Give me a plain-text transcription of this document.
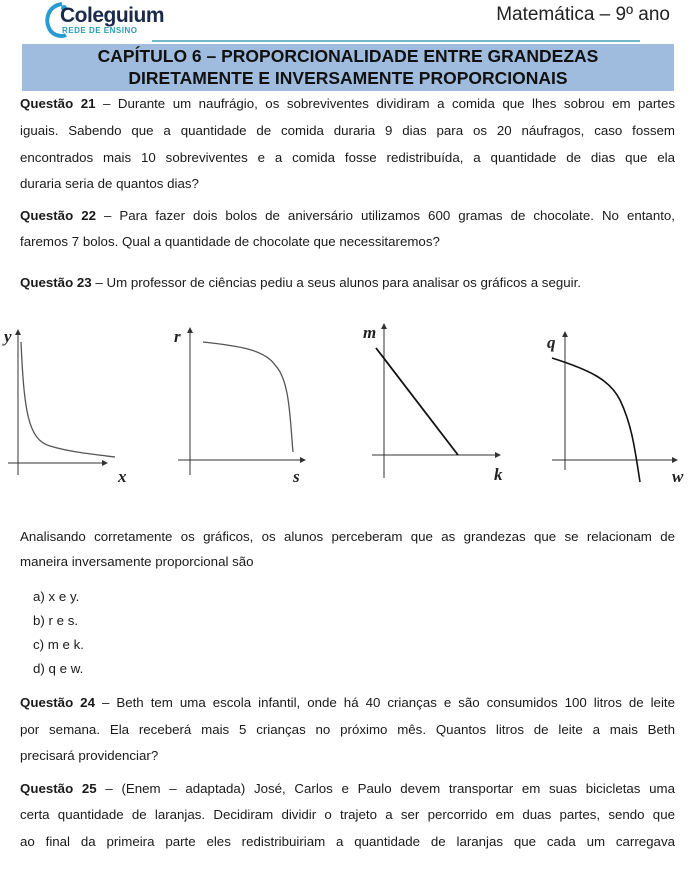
Coleguium
REDE DE ENSINO
Matemática – 9º ano
CAPÍTULO 6 – PROPORCIONALIDADE ENTRE GRANDEZAS
DIRETAMENTE E INVERSAMENTE PROPORCIONAIS
Questão 21 – Durante um naufrágio, os sobreviventes dividiram a comida que lhes sobrou em partes
iguais. Sabendo que a quantidade de comida duraria 9 dias para os 20 náufragos, caso fossem
encontrados mais 10 sobreviventes e a comida fosse redistribuída, a quantidade de dias que ela
duraria seria de quantos dias?
Questão 22 – Para fazer dois bolos de aniversário utilizamos 600 gramas de chocolate. No entanto,
faremos 7 bolos. Qual a quantidade de chocolate que necessitaremos?
Questão 23 – Um professor de ciências pediu a seus alunos para analisar os gráficos a seguir.
y
x
r
s
m
k
q
w
Analisando corretamente os gráficos, os alunos perceberam que as grandezas que se relacionam de
maneira inversamente proporcional são
a) x e y.
b) r e s.
c) m e k.
d) q e w.
Questão 24 – Beth tem uma escola infantil, onde há 40 crianças e são consumidos 100 litros de leite
por semana. Ela receberá mais 5 crianças no próximo mês. Quantos litros de leite a mais Beth
precisará providenciar?
Questão 25 – (Enem – adaptada) José, Carlos e Paulo devem transportar em suas bicicletas uma
certa quantidade de laranjas. Decidiram dividir o trajeto a ser percorrido em duas partes, sendo que
ao final da primeira parte eles redistribuiriam a quantidade de laranjas que cada um carregava
